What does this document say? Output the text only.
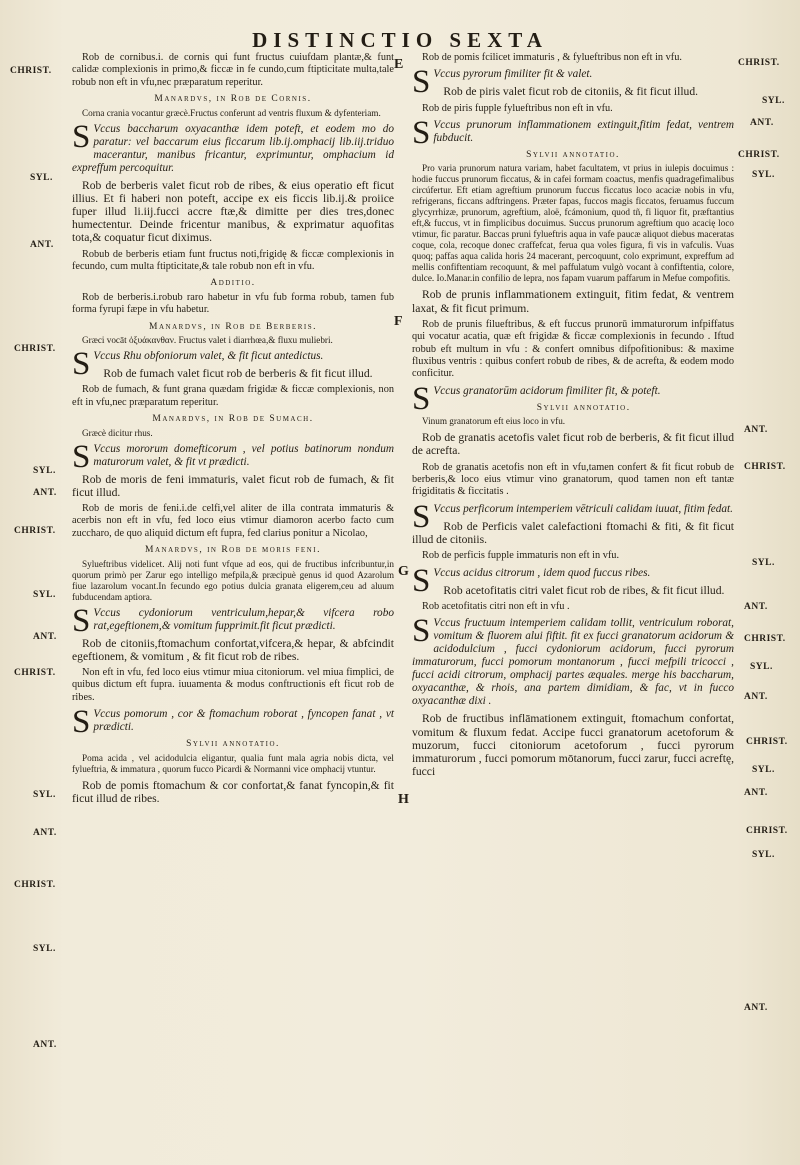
DISTINCTIO SEXTA
CHRIST.
SYL.
ANT.
CHRIST.
SYL.
ANT.
CHRIST.
SYL.
ANT.
CHRIST.
SYL.
ANT.
CHRIST.
SYL.
ANT.
CHRIST.
SYL.
ANT.
CHRIST.
SYL.
ANT.
CHRIST.
SYL.
ANT.
CHRIST.
SYL.
ANT.
CHRIST.
SYL.
ANT.
CHRIST.
SYL.
ANT.
E
F
G
H
Rob de cornibus.i. de cornis qui funt fructus cuiufdam plantæ,& funt calidæ complexionis in primo,& ficcæ in fe cundo,cum ftipticitate multa,tale robub non eft in vfu,nec præparatum reperitur.
Manardvs, in Rob de Cornis.
Corna crania vocantur græcè.Fructus conferunt ad ventris fluxum & dyfenteriam.
S Vccus baccharum oxyacanthæ idem poteft, et eodem mo do paratur: vel baccarum eius ficcarum lib.ij.omphacij lib.iij.triduo macerantur, manibus fricantur, exprimuntur, omphacium id expreffum percoquitur.
Rob de berberis valet ficut rob de ribes, & eius operatio eft ficut illius. Et fi haberi non poteft, accipe ex eis ficcis lib.ij.& proiice fuper illud li.iij.fucci accre ftæ,& dimitte per dies tres,donec humectentur. Deinde fricentur manibus, & exprimatur aquofitas tota,& coquatur ficut diximus.
Robub de berberis etiam funt fructus noti,frigidę & ficcæ complexionis in fecundo, cum multa ftipticitate,& tale robub non eft in vfu.
Additio.
Rob de berberis.i.robub raro habetur in vfu fub forma robub, tamen fub forma fyrupi fæpe in vfu habetur.
Manardvs, in Rob de Berberis.
Græci vocāt ὀξυάκανθαν. Fructus valet i diarrhœa,& fluxu muliebri.
S Vccus Rhu obfoniorum valet, & fit ficut antedictus.
Rob de fumach valet ficut rob de berberis & fit ficut illud.
Rob de fumach, & funt grana quædam frigidæ & ficcæ complexionis, non eft in vfu,nec præparatum reperitur.
Manardvs, in Rob de Sumach.
Græcè dicitur rhus.
S Vccus mororum domefticorum , vel potius batinorum nondum maturorum valet, & fit vt prædicti.
Rob de moris de feni immaturis, valet ficut rob de fumach, & fit ficut illud.
Rob de moris de feni.i.de celfi,vel aliter de illa contrata immaturis & acerbis non eft in vfu, fed loco eius vtimur diamoron acerbo facto cum zuccharo, de quo aliquid dictum eft fupra, fed clarius ponitur a Nicolao,
Manardvs, in Rob de moris feni.
Sylueftribus videlicet. Alij noti funt vfque ad eos, qui de fructibus infcribuntur,in quorum primò per Zarur ego intelligo mefpila,& præcipuè genus id quod Azarolum fiue lazarolum vocant.In fecundo ego potius dulcia granata eligerem,ceu ad aluum fubducendam aptiora.
S Vccus cydoniorum ventriculum,hepar,& vifcera robo rat,egeftionem,& vomitum fupprimit.fit ficut prædicti.
Rob de citoniis,ftomachum confortat,vifcera,& hepar, & abfcindit egeftionem, & vomitum , & fit ficut rob de ribes.
Non eft in vfu, fed loco eius vtimur miua citoniorum. vel miua fimplici, de quibus dictum eft fupra. iuuamenta & modus conftructionis eft ficut rob de ribes.
S Vccus pomorum , cor & ftomachum roborat , fyncopen fanat , vt prædicti.
Sylvii annotatio.
Poma acida , vel acidodulcia eligantur, qualia funt mala agria nobis dicta, vel fylueftria, & immatura , quorum fucco Picardi & Normanni vice omphacij vtuntur.
Rob de pomis ftomachum & cor confortat,& fanat fyncopin,& fit ficut illud de ribes.
Rob de pomis fcilicet immaturis , & fylueftribus non eft in vfu.
S Vccus pyrorum fimiliter fit & valet.
Rob de piris valet ficut rob de citoniis, & fit ficut illud.
Rob de piris fupple fylueftribus non eft in vfu.
S Vccus prunorum inflammationem extinguit,fitim fedat, ventrem fubducit.
Sylvii annotatio.
Pro varia prunorum natura variam, habet facultatem, vt prius in iulepis docuimus : hodie fuccus prunorum ficcatus, & in cafei formam coactus, menfis quadragefimalibus circúfertur. Eft etiam agreftium prunorum fuccus ficcatus loco acaciæ nobis in vfu, refrigerans, ficcans adftringens. Præter fapas, fuccos magis ficcatos, feruamus fuccum glycyrrhizæ, prunorum, agreftium, aloë, fcámonium, quod tñ, fi liquor fit, præftantius eft,& fuccus, vt in fimplicibus docuimus. Succus prunorum agreftium quo acacię loco vtimur, fic paratur. Baccas pruni fylueftris aqua in vafe paucæ aliquot diebus maceratas coque, cola, recoque donec craffefcat, ferua qua voles figura, fi vis in vafculis. Vuas quoq; paffas aqua calida horis 24 macerant, percoquunt, colo exprimunt, expreffum ad mellis confiftentiam recoquunt, & mel paffulatum vulgò vocant à confiftentia, colore, dulce. Io.Manar.in confilio de lepra, nos fapam vuarum paffarum in Mefue compofitis.
Rob de prunis inflammationem extinguit, fitim fedat, & ventrem laxat, & fit ficut primum.
Rob de prunis filueftribus, & eft fuccus prunorū immaturorum infpiffatus qui vocatur acatia, quæ eft frigidæ & ficcæ complexionis in fecundo . Iftud robub eft multum in vfu : & confert omnibus difpofitionibus: & maxime fluxibus ventris : quibus confert robub de ribes, & de acrefta, & eodem modo conficitur.
S Vccus granatorūm acidorum fimiliter fit, & poteft.
Sylvii annotatio.
Vinum granatorum eft eius loco in vfu.
Rob de granatis acetofis valet ficut rob de berberis, & fit ficut illud de acrefta.
Rob de granatis acetofis non eft in vfu,tamen confert & fit ficut robub de berberis,& loco eius vtimur vino granatorum, quod tamen non eft tantæ frigiditatis & ficcitatis .
S Vccus perficorum intemperiem vētriculi calidam iuuat, fitim fedat.
Rob de Perficis valet calefactioni ftomachi & fiti, & fit ficut illud de citoniis.
Rob de perficis fupple immaturis non eft in vfu.
S Vccus acidus citrorum , idem quod fuccus ribes.
Rob acetofitatis citri valet ficut rob de ribes, & fit ficut illud.
Rob acetofitatis citri non eft in vfu .
S Vccus fructuum intemperiem calidam tollit, ventriculum roborat, vomitum & fluorem alui fiftit. fit ex fucci granatorum acidorum & acidodulcium , fucci cydoniorum acidorum, fucci pyrorum immaturorum, fucci pomorum montanorum , fucci mefpili tricocci , fucci acidi citrorum, omphacij partes æquales. merge his baccharum, oxyacanthæ, & rhois, ana partem dimidiam, & fac, vt in fucco oxyacanthæ dixi .
Rob de fructibus inflāmationem extinguit, ftomachum confortat, vomitum & fluxum fedat. Accipe fucci granatorum acetoforum & muzorum, fucci citoniorum acetoforum , fucci pyrorum immaturorum , fucci pomorum mōtanorum, fucci zarur, fucci acreftę, fucci
